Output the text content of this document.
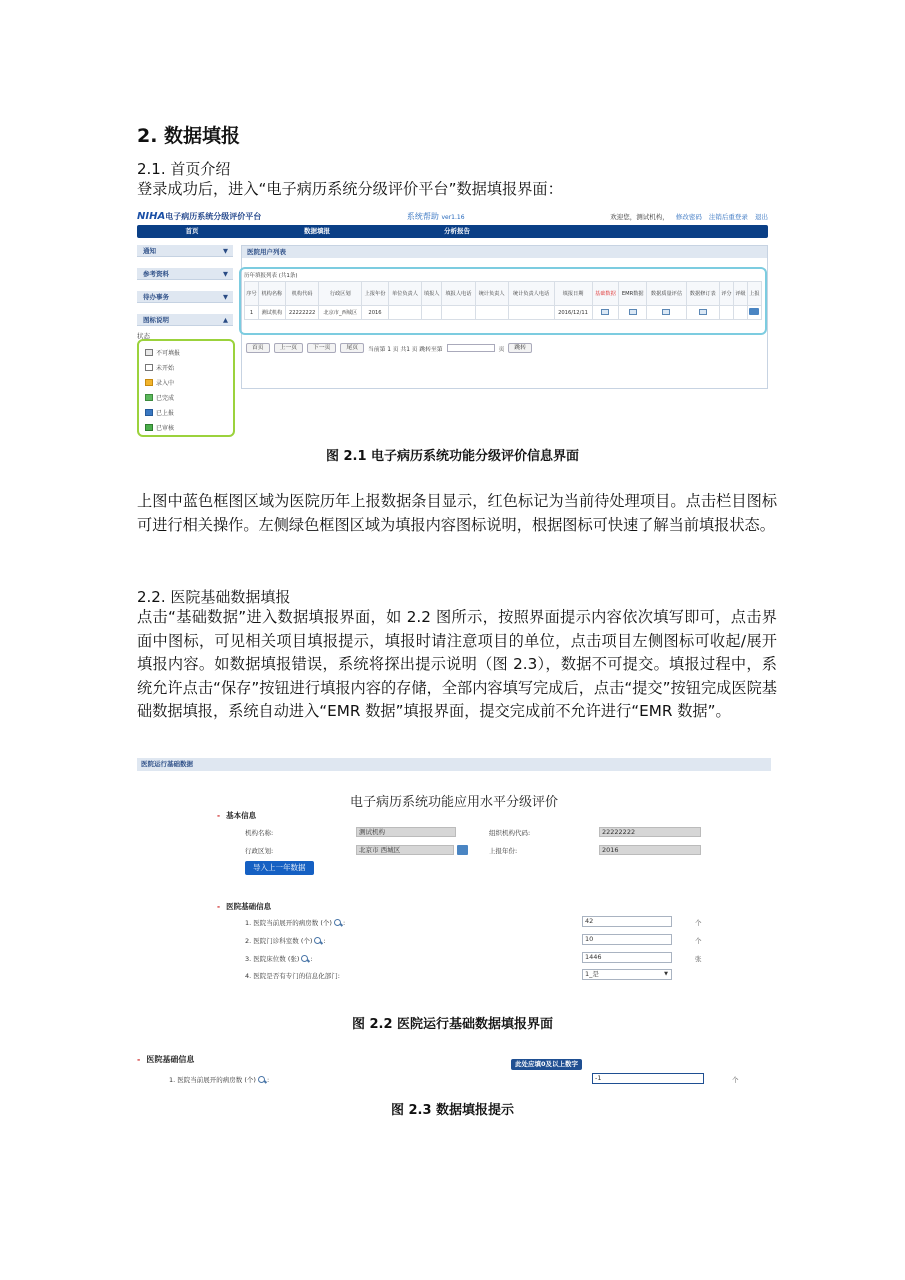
2. 数据填报
2.1. 首页介绍
登录成功后，进入“电子病历系统分级评价平台”数据填报界面：
NIHA电子病历系统分级评价平台	系统帮助 ver1.16	欢迎您，测试机构， 修改密码 注销后重登录 退出
首页	数据填报	分析报告
通知	▼
参考资料	▼
待办事务	▼
图标说明	▲
状态
不可填报
未开始
录入中
已完成
已上报
已审核
医院用户列表
历年填报列表 (共1条)
序号	机构名称	机构代码	行政区划	上报年份	单位负责人	填报人	填报人电话	统计负责人	统计负责人电话	填报日期	基础数据	EMR数据	数据质量评估	数据修订表	评分	评级	上报
1	测试机构	22222222	北京市_西城区	2016						2016/12/11							
首页	上一页	下一页	尾页	当前第 1 页 共1 页 跳转至第	页	跳转
图 2.1 电子病历系统功能分级评价信息界面
上图中蓝色框图区域为医院历年上报数据条目显示，红色标记为当前待处理项目。点击栏目图标可进行相关操作。左侧绿色框图区域为填报内容图标说明，根据图标可快速了解当前填报状态。
2.2. 医院基础数据填报
点击“基础数据”进入数据填报界面，如 2.2 图所示，按照界面提示内容依次填写即可，点击界面中图标，可见相关项目填报提示，填报时请注意项目的单位，点击项目左侧图标可收起/展开填报内容。如数据填报错误，系统将探出提示说明（图 2.3），数据不可提交。填报过程中，系统允许点击“保存”按钮进行填报内容的存储，全部内容填写完成后，点击“提交”按钮完成医院基础数据填报，系统自动进入“EMR 数据”填报界面，提交完成前不允许进行“EMR 数据”。
医院运行基础数据
电子病历系统功能应用水平分级评价
- 基本信息
机构名称:	测试机构	组织机构代码:	22222222
行政区划:	北京市 西城区	上报年份:	2016
导入上一年数据
- 医院基础信息
1. 医院当前展开的病房数 (个) :	42	个
2. 医院门诊科室数 (个) :	10	个
3. 医院床位数 (张) :	1446	张
4. 医院是否有专门的信息化部门:	1_是	▼
图 2.2 医院运行基础数据填报界面
- 医院基础信息	此处应填0及以上数字
1. 医院当前展开的病房数 (个) :	-1	个
图 2.3 数据填报提示
